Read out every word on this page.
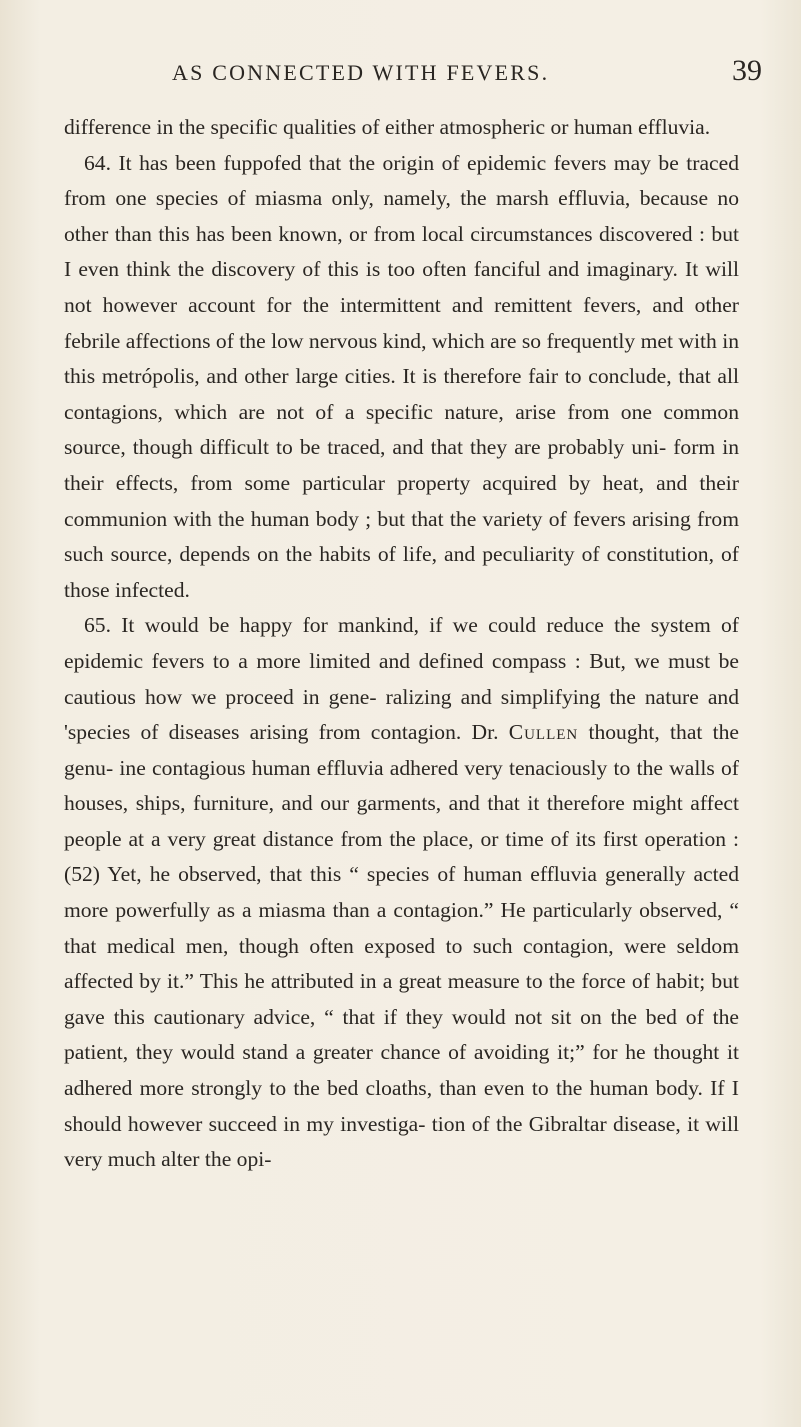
AS CONNECTED WITH FEVERS.	39

difference in the specific qualities of either atmospheric or human effluvia.

64. It has been fuppofed that the origin of epidemic fevers may be traced from one species of miasma only, namely, the marsh effluvia, because no other than this has been known, or from local circumstances discovered : but I even think the discovery of this is too often fanciful and imaginary. It will not however account for the intermittent and remittent fevers, and other febrile affections of the low nervous kind, which are so frequently met with in this metrópolis, and other large cities. It is therefore fair to conclude, that all contagions, which are not of a specific nature, arise from one common source, though difficult to be traced, and that they are probably uni- form in their effects, from some particular property acquired by heat, and their communion with the human body ; but that the variety of fevers arising from such source, depends on the habits of life, and peculiarity of constitution, of those infected.

65. It would be happy for mankind, if we could reduce the system of epidemic fevers to a more limited and defined compass : But, we must be cautious how we proceed in gene- ralizing and simplifying the nature and 'species of diseases arising from contagion. Dr. Cullen thought, that the genu- ine contagious human effluvia adhered very tenaciously to the walls of houses, ships, furniture, and our garments, and that it therefore might affect people at a very great distance from the place, or time of its first operation : (52) Yet, he observed, that this “ species of human effluvia generally acted more powerfully as a miasma than a contagion.” He particularly observed, “ that medical men, though often exposed to such contagion, were seldom affected by it.” This he attributed in a great measure to the force of habit; but gave this cautionary advice, “ that if they would not sit on the bed of the patient, they would stand a greater chance of avoiding it;” for he thought it adhered more strongly to the bed cloaths, than even to the human body. If I should however succeed in my investiga- tion of the Gibraltar disease, it will very much alter the opi-
